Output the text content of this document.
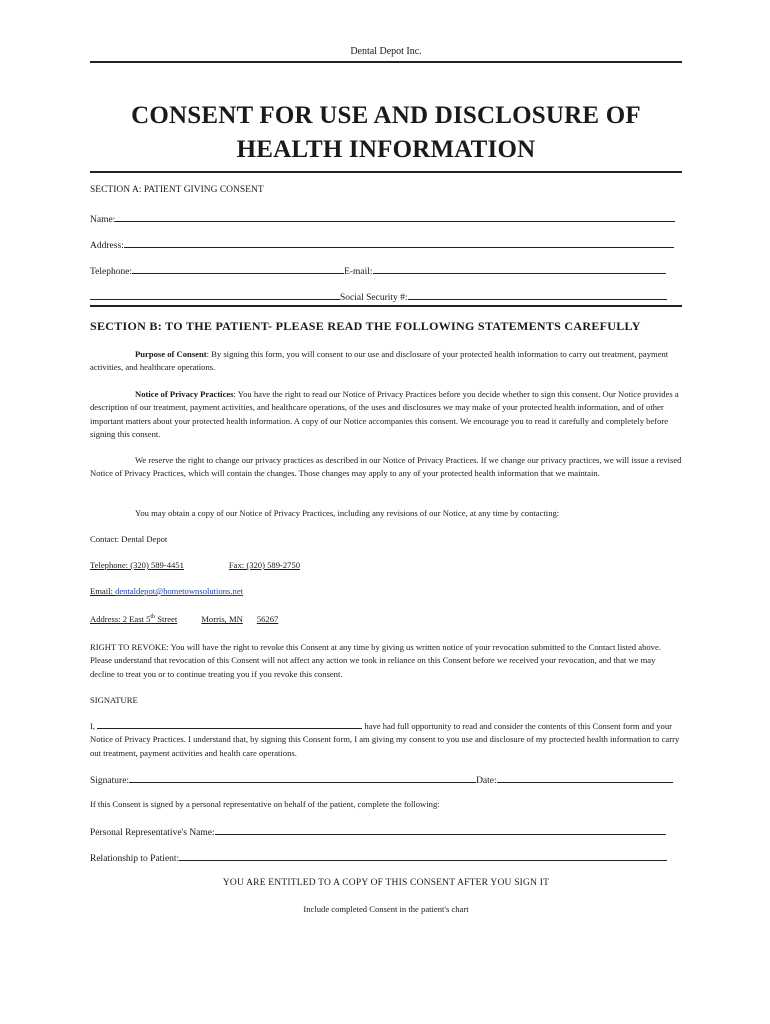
Dental Depot Inc.
CONSENT FOR USE AND DISCLOSURE OF
HEALTH INFORMATION
SECTION A: PATIENT GIVING CONSENT
Name:
Address:
Telephone:	E-mail:
Social Security #:
SECTION B: TO THE PATIENT- PLEASE READ THE FOLLOWING STATEMENTS CAREFULLY
Purpose of Consent: By signing this form, you will consent to our use and disclosure of your protected health information to carry out treatment, payment activities, and healthcare operations.
Notice of Privacy Practices: You have the right to read our Notice of Privacy Practices before you decide whether to sign this consent. Our Notice provides a description of our treatment, payment activities, and healthcare operations, of the uses and disclosures we may make of your protected health information, and of other important matters about your protected health information. A copy of our Notice accompanies this consent. We encourage you to read it carefully and completely before signing this consent.
We reserve the right to change our privacy practices as described in our Notice of Privacy Practices. If we change our privacy practices, we will issue a revised Notice of Privacy Practices, which will contain the changes. Those changes may apply to any of your protected health information that we maintain.
You may obtain a copy of our Notice of Privacy Practices, including any revisions of our Notice, at any time by contacting:
Contact: Dental Depot
Telephone: (320) 589-4451	Fax: (320) 589-2750
Email: dentaldepot@hometownsolutions.net
Address: 2 East 5th Street	Morris, MN 56267
RIGHT TO REVOKE: You will have the right to revoke this Consent at any time by giving us written notice of your revocation submitted to the Contact listed above. Please understand that revocation of this Consent will not affect any action we took in reliance on this Consent before we received your revocation, and that we may decline to treat you or to continue treating you if you revoke this consent.
SIGNATURE
I,	have had full opportunity to read and consider the contents of this Consent form and your Notice of Privacy Practices. I understand that, by signing this Consent form, I am giving my consent to you use and disclosure of my proctected health information to carry out treatment, payment activities and health care operations.
Signature:	Date:
If this Consent is signed by a personal representative on behalf of the patient, complete the following:
Personal Representative's Name:
Relationship to Patient:
YOU ARE ENTITLED TO A COPY OF THIS CONSENT AFTER YOU SIGN IT
Include completed Consent in the patient's chart
